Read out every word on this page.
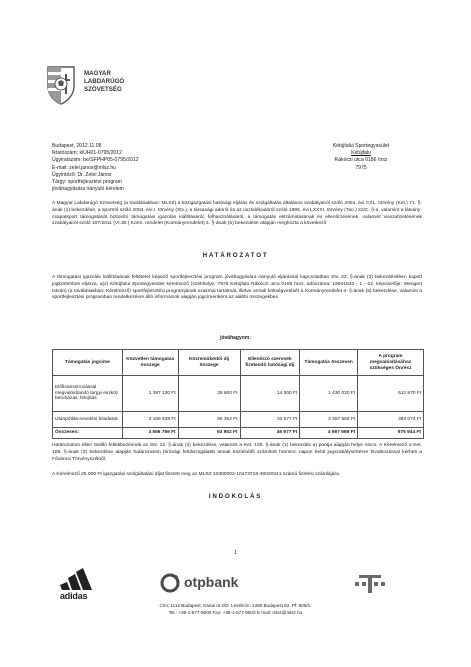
MAGYAR
LABDARÚGÓ
SZÖVETSÉG
Budapest, 2012.11.08
Iktatószám: kiUH01-0795/2012
Ügyiratszám: be/SFPHP05-0795/2012
E-mail: zelei.janos@mlsz.hu
Ügyintéző: Dr. Zelei János
Tárgy: sportfejlesztési program
jóváhagyására irányuló kérelem
Kétújfalui Sportegyesület
Kétújfalu
Rákóczi utca 0186 hrsz
7975

A Magyar Labdarúgó Szövetség (a továbbiakban: MLSZ) a közigazgatási hatósági eljárás és szolgáltatás általános szabályairól szóló 2004. évi CXL. törvény (Ket.) 71. §-ának (1) bekezdése, a sportról szóló 2004. évi I. törvény (Stv.), a társasági adóról és az osztalékadóról szóló 1996. évi LXXXI. törvény (Tao.) 22/C. §-a, valamint a látvány-csapatsport támogatását biztosító támogatási igazolás kiállításáról, felhasználásáról, a támogatás elszámolásának és ellenőrzésének, valamint visszafizetésének szabályairól szóló 107/2011 (VI.30.) Korm. rendelet (Kormányrendelet) 4. §-ának (5) bekezdése alapján meghozta a következő

HATÁROZATOT

A támogatási igazolás kiállításának feltételét képező sportfejlesztési program jóváhagyására irányuló eljárással kapcsolatban Stv. 22. §-ának (3) bekezdésében kapott jogkörömben eljárva, a(z) Kétújfalui Sportegyesület kérelmező (székhelye: 7975 Kétújfalu Rákóczi utca 0186 hrsz, adószáma: 19941833 - 1 - 02, képviselője: Wengert István) (a továbbiakban: Kérelmező) sportfejlesztési programjának szakmai tartalmát, illetve annak költségvetését a Kormányrendelet 4. §-ának (5) bekezdése, valamint a sportfejlesztési programban rendelkezésre álló információk alapján jogcímenként az alábbi összegekben

jóváhagyom:
Támogatás jogcíme	Közvetlen támogatás összege	Közreműködői díj összege	Ellenőrző szervnek fizetendő hatósági díj	Támogatás összesen	A program megvalósításához szükséges Önrész
Előfinanszírozással megvalósítandó tárgyi eszköz beruházás, felújítás	1 387 130 Ft	28 600 Ft	14 300 Ft	1 430 030 Ft	612 870 Ft
Utánpótlás-nevelési feladatok	3 169 639 Ft	65 352 Ft	32 677 Ft	3 267 668 Ft	363 074 Ft
Összesen:	4 556 769 Ft	93 952 Ft	46 977 Ft	4 697 698 Ft	975 944 Ft

Határozatom ellen önálló fellebbezésnek az Stv. 22. §-ának (4) bekezdése, valamint a Ket. 100. §-ának (1) bekezdés a) pontja alapján helye nincs. A Kérelmező a Ket. 109. §-ának (3) bekezdése alapján határozatom bírósági felülvizsgálatát annak közlésétől számított harminc napon belül jogszabálysértésre hivatkozással kérheti a Fővárosi Törvényszéktől.

A Kérelmező 25 000 Ft igazgatási szolgáltatási díjat fizetett meg az MLSZ 10300002-10473718-49020341 számú fizetési számlájára.

INDOKOLÁS
1
adidas
otpbank
Cím: 1112 Budapest, Kánai út 2/D. Levélcím: 1386 Budapest 62. Pf. 906/1.
Tel.: +36-1-577-9500 Fax: +36-1-577-9503 E-mail: mlsz@mlsz.hu
